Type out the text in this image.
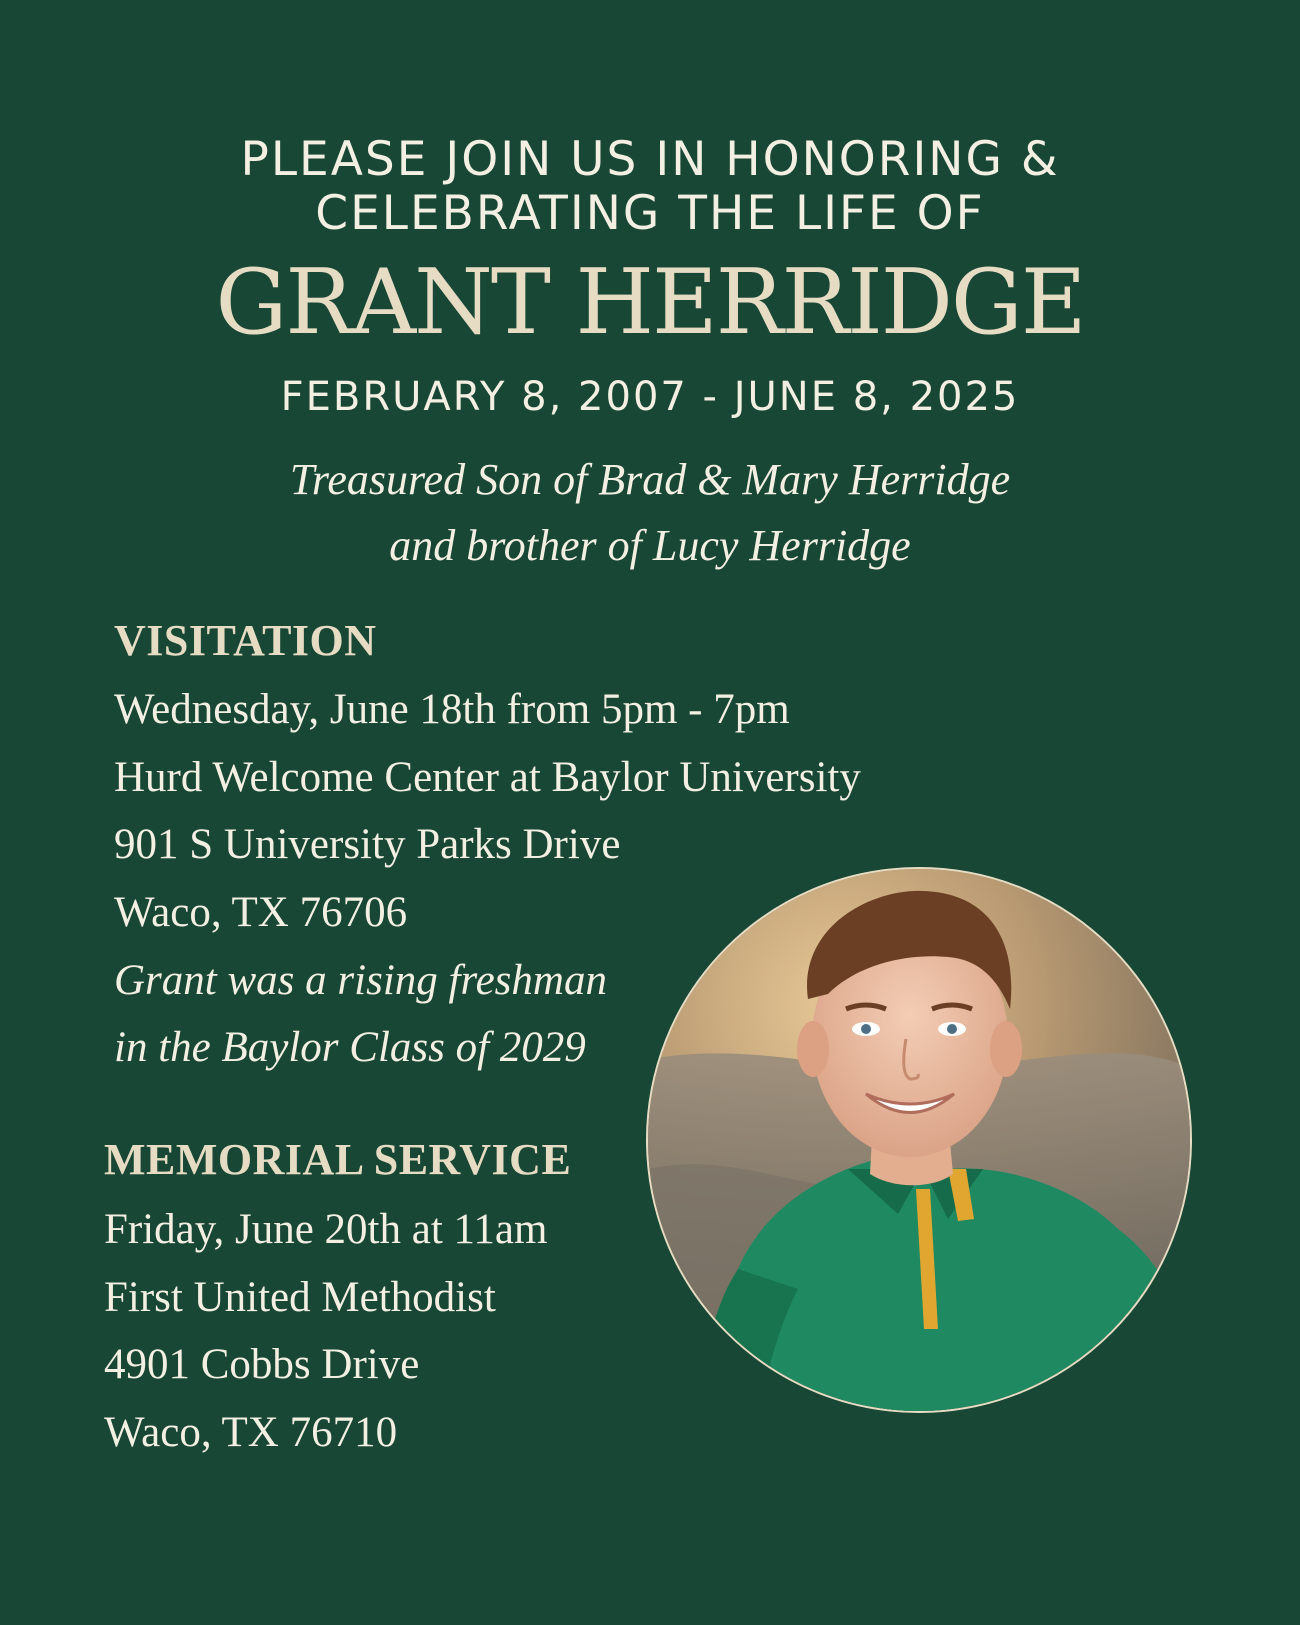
PLEASE JOIN US IN HONORING &
CELEBRATING THE LIFE OF
GRANT HERRIDGE
FEBRUARY 8, 2007 - JUNE 8, 2025
Treasured Son of Brad & Mary Herridge
and brother of Lucy Herridge
VISITATION
Wednesday, June 18th from 5pm - 7pm
Hurd Welcome Center at Baylor University
901 S University Parks Drive
Waco, TX 76706
Grant was a rising freshman
in the Baylor Class of 2029
MEMORIAL SERVICE
Friday, June 20th at 11am
First United Methodist
4901 Cobbs Drive
Waco, TX 76710
